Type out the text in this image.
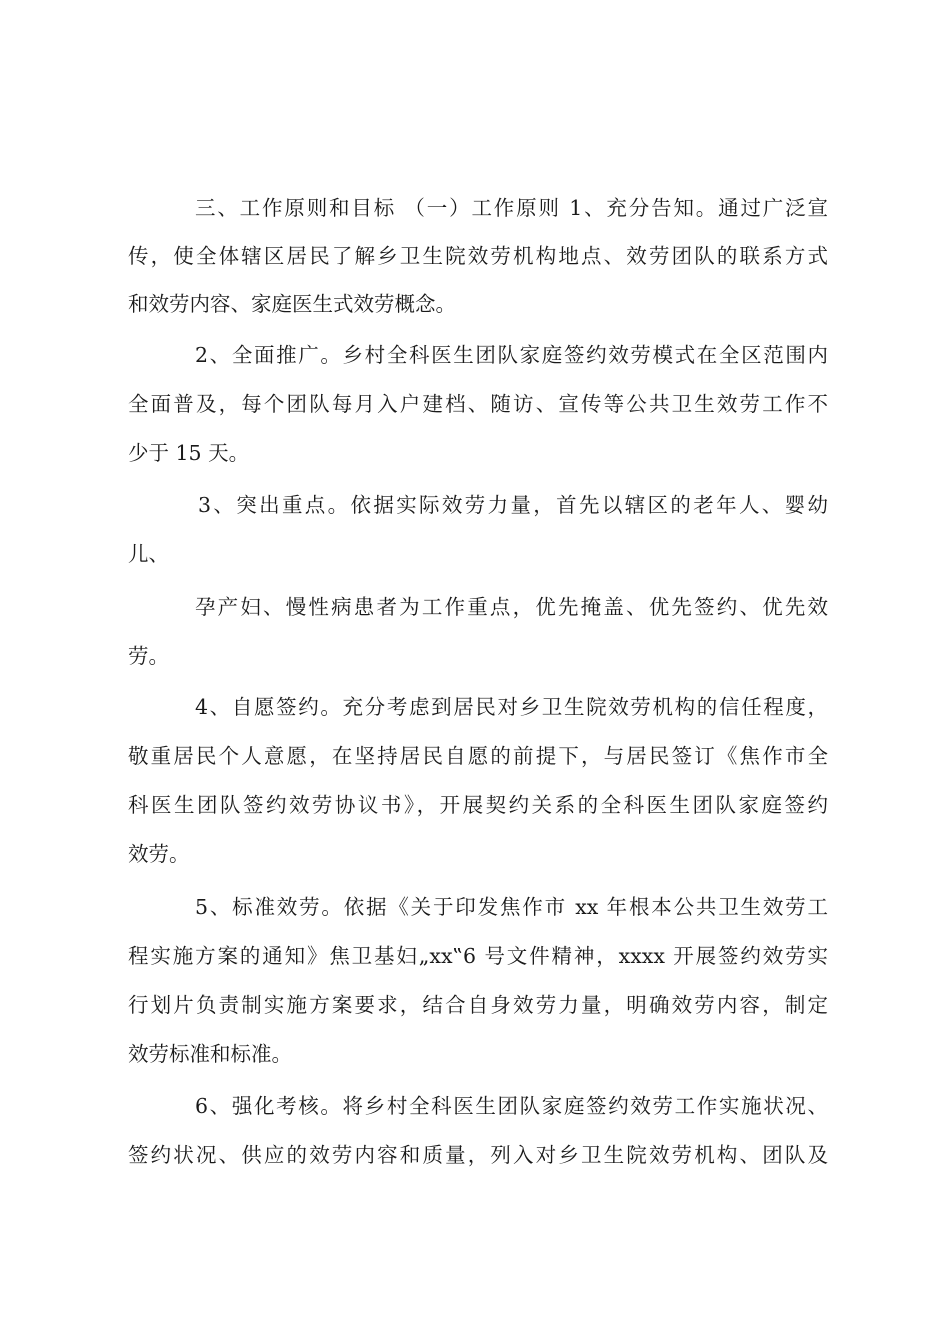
三、工作原则和目标 （一）工作原则 1、充分告知。通过广泛宣
传，使全体辖区居民了解乡卫生院效劳机构地点、效劳团队的联系方式
和效劳内容、家庭医生式效劳概念。
2、全面推广。乡村全科医生团队家庭签约效劳模式在全区范围内
全面普及，每个团队每月入户建档、随访、宣传等公共卫生效劳工作不
少于 15 天。
3、突出重点。依据实际效劳力量，首先以辖区的老年人、婴幼
儿、
孕产妇、慢性病患者为工作重点，优先掩盖、优先签约、优先效
劳。
4、自愿签约。充分考虑到居民对乡卫生院效劳机构的信任程度，
敬重居民个人意愿，在坚持居民自愿的前提下，与居民签订《焦作市全
科医生团队签约效劳协议书》，开展契约关系的全科医生团队家庭签约
效劳。
5、标准效劳。依据《关于印发焦作市 xx 年根本公共卫生效劳工
程实施方案的通知》焦卫基妇„xx‟6 号文件精神，xxxx 开展签约效劳实
行划片负责制实施方案要求，结合自身效劳力量，明确效劳内容，制定
效劳标准和标准。
6、强化考核。将乡村全科医生团队家庭签约效劳工作实施状况、
签约状况、供应的效劳内容和质量，列入对乡卫生院效劳机构、团队及
